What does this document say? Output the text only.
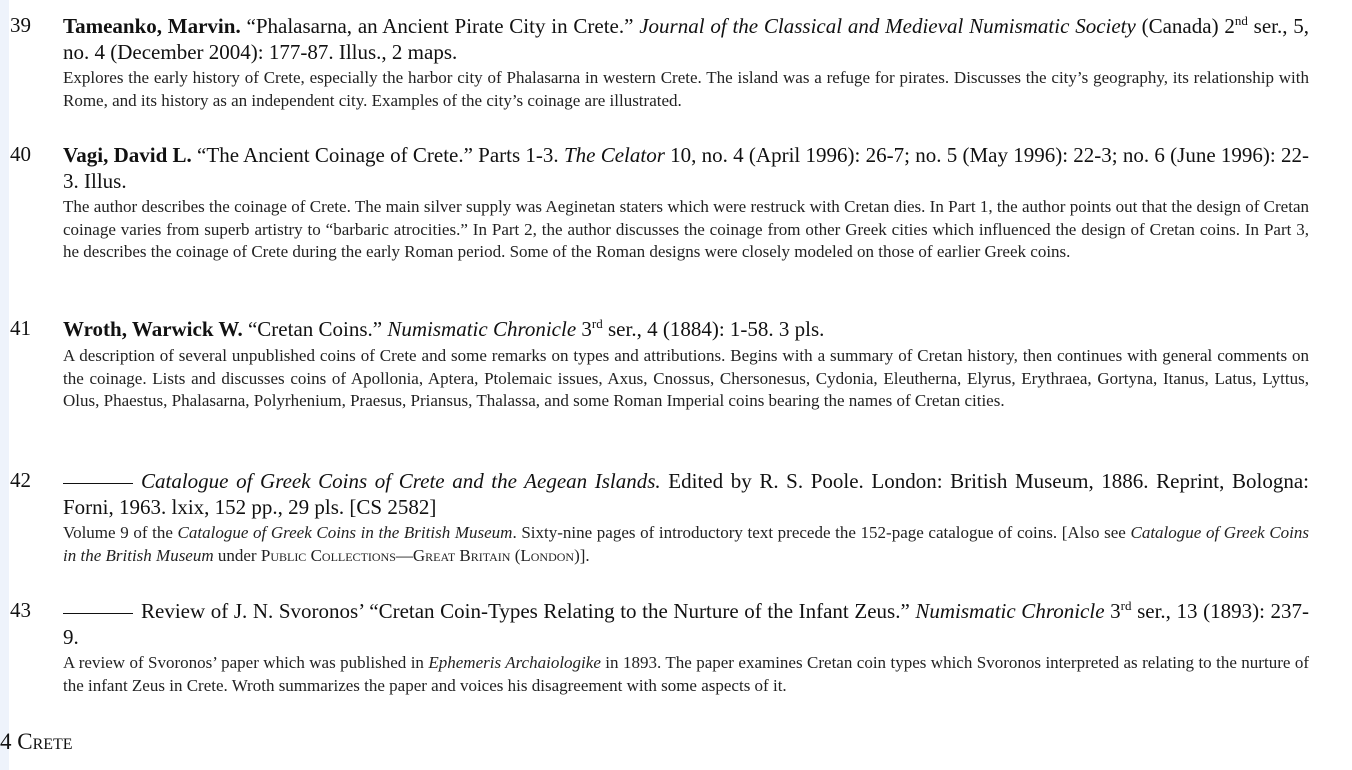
39 Tameanko, Marvin. “Phalasarna, an Ancient Pirate City in Crete.” Journal of the Classical and Medieval Numismatic Society (Canada) 2nd ser., 5, no. 4 (December 2004): 177-87. Illus., 2 maps.
Explores the early history of Crete, especially the harbor city of Phalasarna in western Crete. The island was a refuge for pirates. Discusses the city’s geography, its relationship with Rome, and its history as an independent city. Examples of the city’s coinage are illustrated.
40 Vagi, David L. “The Ancient Coinage of Crete.” Parts 1-3. The Celator 10, no. 4 (April 1996): 26-7; no. 5 (May 1996): 22-3; no. 6 (June 1996): 22-3. Illus.
The author describes the coinage of Crete. The main silver supply was Aeginetan staters which were restruck with Cretan dies. In Part 1, the author points out that the design of Cretan coinage varies from superb artistry to “barbaric atrocities.” In Part 2, the author discusses the coinage from other Greek cities which influenced the design of Cretan coins. In Part 3, he describes the coinage of Crete during the early Roman period. Some of the Roman designs were closely modeled on those of earlier Greek coins.
41 Wroth, Warwick W. “Cretan Coins.” Numismatic Chronicle 3rd ser., 4 (1884): 1-58. 3 pls.
A description of several unpublished coins of Crete and some remarks on types and attributions. Begins with a summary of Cretan history, then continues with general comments on the coinage. Lists and discusses coins of Apollonia, Aptera, Ptolemaic issues, Axus, Cnossus, Chersonesus, Cydonia, Eleutherna, Elyrus, Erythraea, Gortyna, Itanus, Latus, Lyttus, Olus, Phaestus, Phalasarna, Polyrhenium, Praesus, Priansus, Thalassa, and some Roman Imperial coins bearing the names of Cretan cities.
42	Catalogue of Greek Coins of Crete and the Aegean Islands. Edited by R. S. Poole. London: British Museum, 1886. Reprint, Bologna: Forni, 1963. lxix, 152 pp., 29 pls. [CS 2582]
Volume 9 of the Catalogue of Greek Coins in the British Museum. Sixty-nine pages of introductory text precede the 152-page catalogue of coins. [Also see Catalogue of Greek Coins in the British Museum under Public Collections—Great Britain (London)].
43	Review of J. N. Svoronos’ “Cretan Coin-Types Relating to the Nurture of the Infant Zeus.” Numismatic Chronicle 3rd ser., 13 (1893): 237-9.
A review of Svoronos’ paper which was published in Ephemeris Archaiologike in 1893. The paper examines Cretan coin types which Svoronos interpreted as relating to the nurture of the infant Zeus in Crete. Wroth summarizes the paper and voices his disagreement with some aspects of it.
4 Crete
